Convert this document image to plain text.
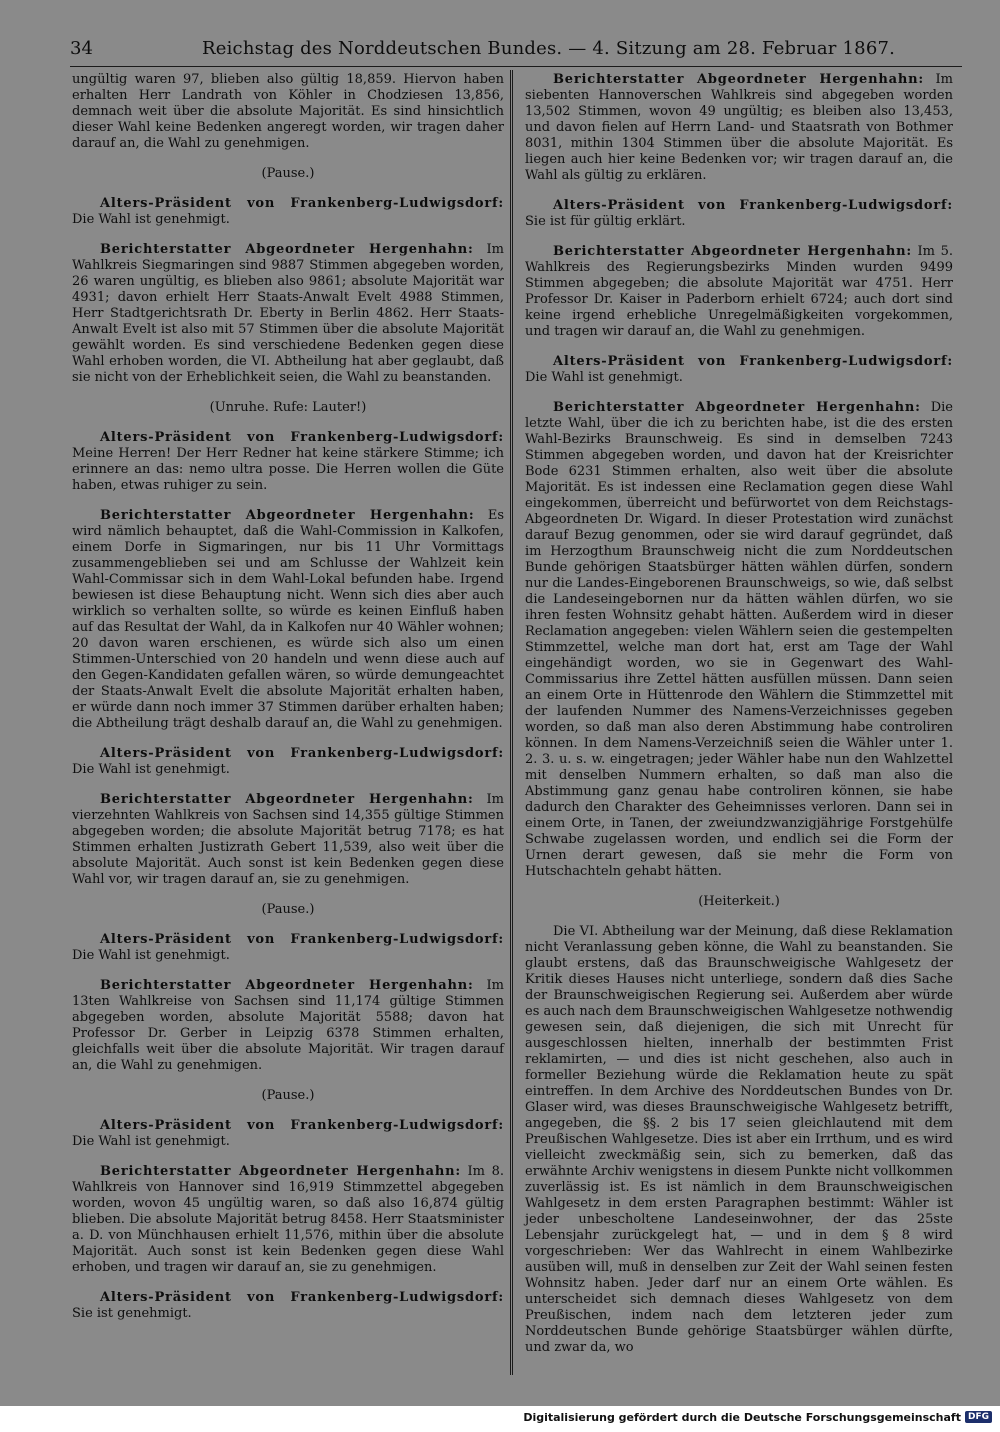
34	Reichstag des Norddeutschen Bundes. — 4. Sitzung am 28. Februar 1867.

ungültig waren 97, blieben also gültig 18,859. Hiervon haben erhalten Herr Landrath von Köhler in Chodziesen 13,856, demnach weit über die absolute Majorität. Es sind hinsichtlich dieser Wahl keine Bedenken angeregt worden, wir tragen daher darauf an, die Wahl zu genehmigen.

(Pause.)

Alters-Präsident von Frankenberg-Ludwigsdorf: Die Wahl ist genehmigt.

Berichterstatter Abgeordneter Hergenhahn: Im Wahlkreis Siegmaringen sind 9887 Stimmen abgegeben worden, 26 waren ungültig, es blieben also 9861; absolute Majorität war 4931; davon erhielt Herr Staats-Anwalt Evelt 4988 Stimmen, Herr Stadtgerichtsrath Dr. Eberty in Berlin 4862. Herr Staats-Anwalt Evelt ist also mit 57 Stimmen über die absolute Majorität gewählt worden. Es sind verschiedene Bedenken gegen diese Wahl erhoben worden, die VI. Abtheilung hat aber geglaubt, daß sie nicht von der Erheblichkeit seien, die Wahl zu beanstanden.

(Unruhe. Rufe: Lauter!)

Alters-Präsident von Frankenberg-Ludwigsdorf: Meine Herren! Der Herr Redner hat keine stärkere Stimme; ich erinnere an das: nemo ultra posse. Die Herren wollen die Güte haben, etwas ruhiger zu sein.

Berichterstatter Abgeordneter Hergenhahn: Es wird nämlich behauptet, daß die Wahl-Commission in Kalkofen, einem Dorfe in Sigmaringen, nur bis 11 Uhr Vormittags zusammengeblieben sei und am Schlusse der Wahlzeit kein Wahl-Commissar sich in dem Wahl-Lokal befunden habe. Irgend bewiesen ist diese Behauptung nicht. Wenn sich dies aber auch wirklich so verhalten sollte, so würde es keinen Einfluß haben auf das Resultat der Wahl, da in Kalkofen nur 40 Wähler wohnen; 20 davon waren erschienen, es würde sich also um einen Stimmen-Unterschied von 20 handeln und wenn diese auch auf den Gegen-Kandidaten gefallen wären, so würde demungeachtet der Staats-Anwalt Evelt die absolute Majorität erhalten haben, er würde dann noch immer 37 Stimmen darüber erhalten haben; die Abtheilung trägt deshalb darauf an, die Wahl zu genehmigen.

Alters-Präsident von Frankenberg-Ludwigsdorf: Die Wahl ist genehmigt.

Berichterstatter Abgeordneter Hergenhahn: Im vierzehnten Wahlkreis von Sachsen sind 14,355 gültige Stimmen abgegeben worden; die absolute Majorität betrug 7178; es hat Stimmen erhalten Justizrath Gebert 11,539, also weit über die absolute Majorität. Auch sonst ist kein Bedenken gegen diese Wahl vor, wir tragen darauf an, sie zu genehmigen.

(Pause.)

Alters-Präsident von Frankenberg-Ludwigsdorf: Die Wahl ist genehmigt.

Berichterstatter Abgeordneter Hergenhahn: Im 13ten Wahlkreise von Sachsen sind 11,174 gültige Stimmen abgegeben worden, absolute Majorität 5588; davon hat Professor Dr. Gerber in Leipzig 6378 Stimmen erhalten, gleichfalls weit über die absolute Majorität. Wir tragen darauf an, die Wahl zu genehmigen.

(Pause.)

Alters-Präsident von Frankenberg-Ludwigsdorf: Die Wahl ist genehmigt.

Berichterstatter Abgeordneter Hergenhahn: Im 8. Wahlkreis von Hannover sind 16,919 Stimmzettel abgegeben worden, wovon 45 ungültig waren, so daß also 16,874 gültig blieben. Die absolute Majorität betrug 8458. Herr Staatsminister a. D. von Münchhausen erhielt 11,576, mithin über die absolute Majorität. Auch sonst ist kein Bedenken gegen diese Wahl erhoben, und tragen wir darauf an, sie zu genehmigen.

Alters-Präsident von Frankenberg-Ludwigsdorf: Sie ist genehmigt.

Berichterstatter Abgeordneter Hergenhahn: Im siebenten Hannoverschen Wahlkreis sind abgegeben worden 13,502 Stimmen, wovon 49 ungültig; es bleiben also 13,453, und davon fielen auf Herrn Land- und Staatsrath von Bothmer 8031, mithin 1304 Stimmen über die absolute Majorität. Es liegen auch hier keine Bedenken vor; wir tragen darauf an, die Wahl als gültig zu erklären.

Alters-Präsident von Frankenberg-Ludwigsdorf: Sie ist für gültig erklärt.

Berichterstatter Abgeordneter Hergenhahn: Im 5. Wahlkreis des Regierungsbezirks Minden wurden 9499 Stimmen abgegeben; die absolute Majorität war 4751. Herr Professor Dr. Kaiser in Paderborn erhielt 6724; auch dort sind keine irgend erhebliche Unregelmäßigkeiten vorgekommen, und tragen wir darauf an, die Wahl zu genehmigen.

Alters-Präsident von Frankenberg-Ludwigsdorf: Die Wahl ist genehmigt.

Berichterstatter Abgeordneter Hergenhahn: Die letzte Wahl, über die ich zu berichten habe, ist die des ersten Wahl-Bezirks Braunschweig. Es sind in demselben 7243 Stimmen abgegeben worden, und davon hat der Kreisrichter Bode 6231 Stimmen erhalten, also weit über die absolute Majorität. Es ist indessen eine Reclamation gegen diese Wahl eingekommen, überreicht und befürwortet von dem Reichstags-Abgeordneten Dr. Wigard. In dieser Protestation wird zunächst darauf Bezug genommen, oder sie wird darauf gegründet, daß im Herzogthum Braunschweig nicht die zum Norddeutschen Bunde gehörigen Staatsbürger hätten wählen dürfen, sondern nur die Landes-Eingeborenen Braunschweigs, so wie, daß selbst die Landeseingebornen nur da hätten wählen dürfen, wo sie ihren festen Wohnsitz gehabt hätten. Außerdem wird in dieser Reclamation angegeben: vielen Wählern seien die gestempelten Stimmzettel, welche man dort hat, erst am Tage der Wahl eingehändigt worden, wo sie in Gegenwart des Wahl-Commissarius ihre Zettel hätten ausfüllen müssen. Dann seien an einem Orte in Hüttenrode den Wählern die Stimmzettel mit der laufenden Nummer des Namens-Verzeichnisses gegeben worden, so daß man also deren Abstimmung habe controliren können. In dem Namens-Verzeichniß seien die Wähler unter 1. 2. 3. u. s. w. eingetragen; jeder Wähler habe nun den Wahlzettel mit denselben Nummern erhalten, so daß man also die Abstimmung ganz genau habe controliren können, sie habe dadurch den Charakter des Geheimnisses verloren. Dann sei in einem Orte, in Tanen, der zweiundzwanzigjährige Forstgehülfe Schwabe zugelassen worden, und endlich sei die Form der Urnen derart gewesen, daß sie mehr die Form von Hutschachteln gehabt hätten.

(Heiterkeit.)

Die VI. Abtheilung war der Meinung, daß diese Reklamation nicht Veranlassung geben könne, die Wahl zu beanstanden. Sie glaubt erstens, daß das Braunschweigische Wahlgesetz der Kritik dieses Hauses nicht unterliege, sondern daß dies Sache der Braunschweigischen Regierung sei. Außerdem aber würde es auch nach dem Braunschweigischen Wahlgesetze nothwendig gewesen sein, daß diejenigen, die sich mit Unrecht für ausgeschlossen hielten, innerhalb der bestimmten Frist reklamirten, — und dies ist nicht geschehen, also auch in formeller Beziehung würde die Reklamation heute zu spät eintreffen. In dem Archive des Norddeutschen Bundes von Dr. Glaser wird, was dieses Braunschweigische Wahlgesetz betrifft, angegeben, die §§. 2 bis 17 seien gleichlautend mit dem Preußischen Wahlgesetze. Dies ist aber ein Irrthum, und es wird vielleicht zweckmäßig sein, sich zu bemerken, daß das erwähnte Archiv wenigstens in diesem Punkte nicht vollkommen zuverlässig ist. Es ist nämlich in dem Braunschweigischen Wahlgesetz in dem ersten Paragraphen bestimmt: Wähler ist jeder unbescholtene Landeseinwohner, der das 25ste Lebensjahr zurückgelegt hat, — und in dem § 8 wird vorgeschrieben: Wer das Wahlrecht in einem Wahlbezirke ausüben will, muß in denselben zur Zeit der Wahl seinen festen Wohnsitz haben. Jeder darf nur an einem Orte wählen. Es unterscheidet sich demnach dieses Wahlgesetz von dem Preußischen, indem nach dem letzteren jeder zum Norddeutschen Bunde gehörige Staatsbürger wählen dürfte, und zwar da, wo

Digitalisierung gefördert durch die Deutsche Forschungsgemeinschaft DFG
